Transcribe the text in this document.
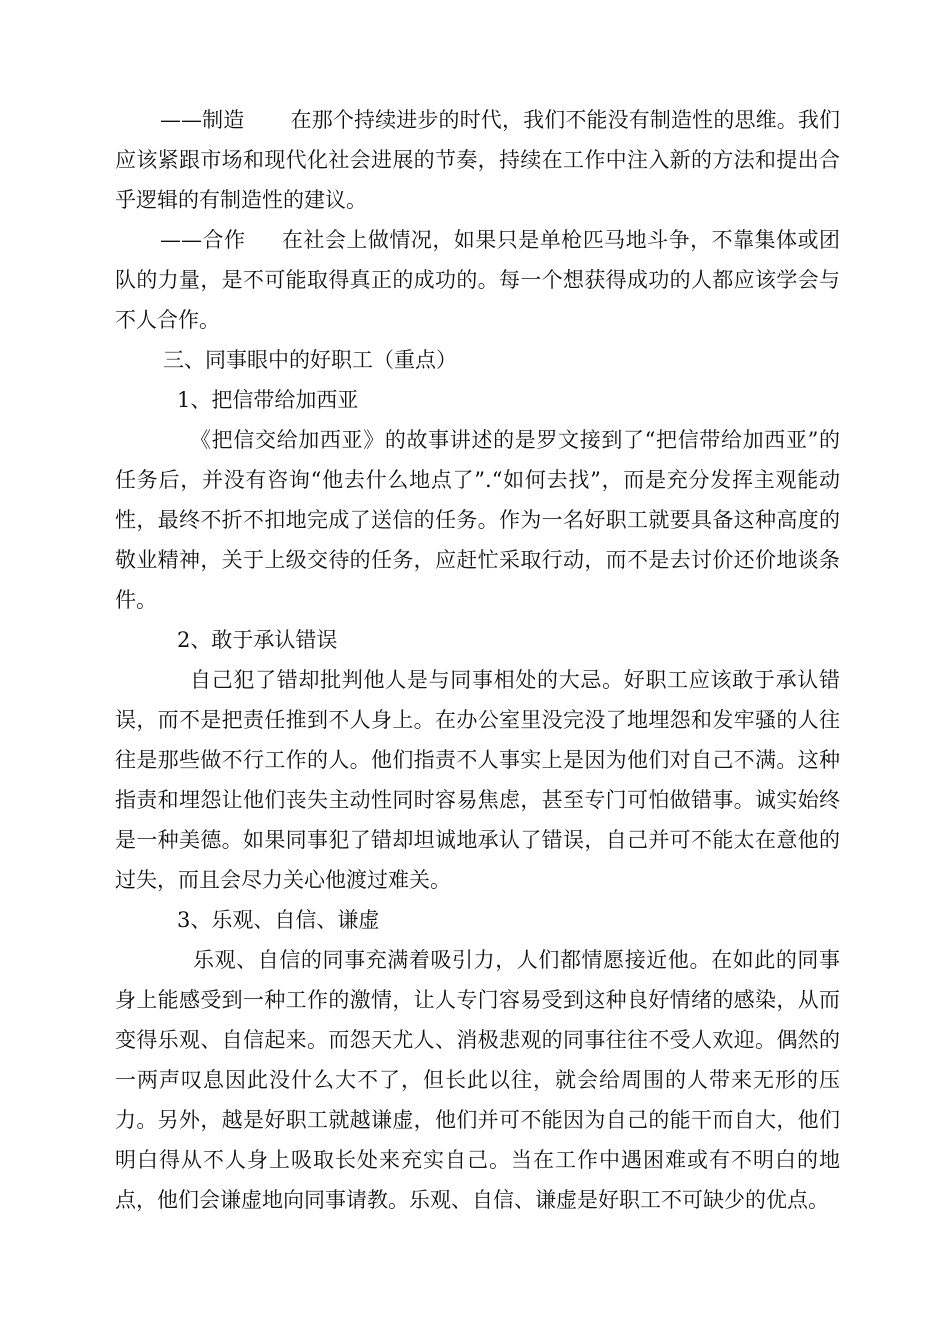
——制造 在那个持续进步的时代，我们不能没有制造性的思维。我们应该紧跟市场和现代化社会进展的节奏，持续在工作中注入新的方法和提出合乎逻辑的有制造性的建议。

——合作 在社会上做情况，如果只是单枪匹马地斗争，不靠集体或团队的力量，是不可能取得真正的成功的。每一个想获得成功的人都应该学会与不人合作。

三、同事眼中的好职工（重点）

1、把信带给加西亚

《把信交给加西亚》的故事讲述的是罗文接到了“把信带给加西亚”的任务后，并没有咨询“他去什么地点了”.“如何去找”，而是充分发挥主观能动性，最终不折不扣地完成了送信的任务。作为一名好职工就要具备这种高度的敬业精神，关于上级交待的任务，应赶忙采取行动，而不是去讨价还价地谈条件。

2、敢于承认错误

自己犯了错却批判他人是与同事相处的大忌。好职工应该敢于承认错误，而不是把责任推到不人身上。在办公室里没完没了地埋怨和发牢骚的人往往是那些做不行工作的人。他们指责不人事实上是因为他们对自己不满。这种指责和埋怨让他们丧失主动性同时容易焦虑，甚至专门可怕做错事。诚实始终是一种美德。如果同事犯了错却坦诚地承认了错误，自己并可不能太在意他的过失，而且会尽力关心他渡过难关。

3、乐观、自信、谦虚

乐观、自信的同事充满着吸引力，人们都情愿接近他。在如此的同事身上能感受到一种工作的激情，让人专门容易受到这种良好情绪的感染，从而变得乐观、自信起来。而怨天尤人、消极悲观的同事往往不受人欢迎。偶然的一两声叹息因此没什么大不了，但长此以往，就会给周围的人带来无形的压力。另外，越是好职工就越谦虚，他们并可不能因为自己的能干而自大，他们明白得从不人身上吸取长处来充实自己。当在工作中遇困难或有不明白的地点，他们会谦虚地向同事请教。乐观、自信、谦虚是好职工不可缺少的优点。
